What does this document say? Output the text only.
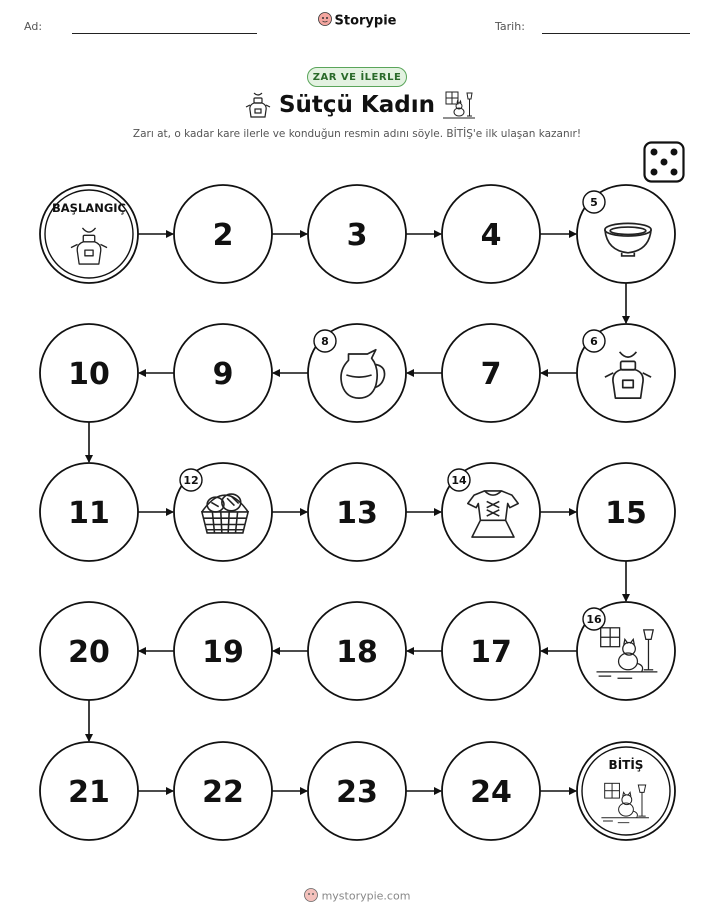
Ad:	Storypie	Tarih:
ZAR VE İLERLE
Sütçü Kadın
Zarı at, o kadar kare ilerle ve konduğun resmin adını söyle. BİTİŞ'e ilk ulaşan kazanır!
BAŞLANGIÇ
2	3	4
5
6
7
8
9
10
11
12
13
14
15
16
17
18
19
20
21	22	23	24
BİTİŞ
mystorypie.com
